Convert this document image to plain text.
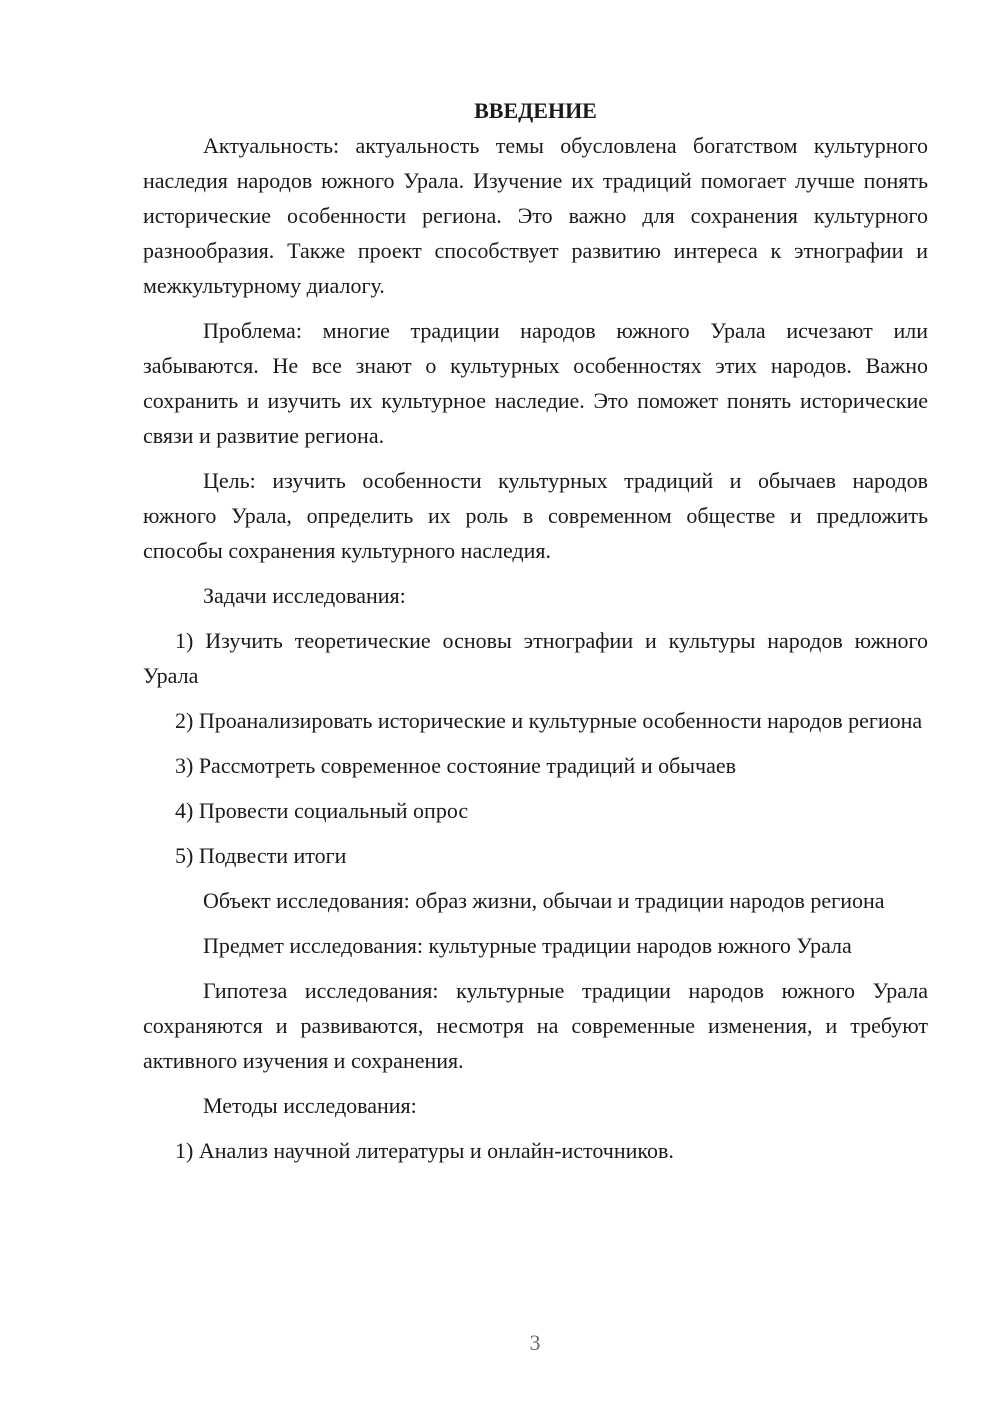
ВВЕДЕНИЕ

Актуальность: актуальность темы обусловлена богатством культурного наследия народов южного Урала. Изучение их традиций помогает лучше понять исторические особенности региона. Это важно для сохранения культурного разнообразия. Также проект способствует развитию интереса к этнографии и межкультурному диалогу.

Проблема: многие традиции народов южного Урала исчезают или забываются. Не все знают о культурных особенностях этих народов. Важно сохранить и изучить их культурное наследие. Это поможет понять исторические связи и развитие региона.

Цель: изучить особенности культурных традиций и обычаев народов южного Урала, определить их роль в современном обществе и предложить способы сохранения культурного наследия.

Задачи исследования:

1) Изучить теоретические основы этнографии и культуры народов южного Урала

2) Проанализировать исторические и культурные особенности народов региона

3) Рассмотреть современное состояние традиций и обычаев

4) Провести социальный опрос

5) Подвести итоги

Объект исследования: образ жизни, обычаи и традиции народов региона

Предмет исследования: культурные традиции народов южного Урала

Гипотеза исследования: культурные традиции народов южного Урала сохраняются и развиваются, несмотря на современные изменения, и требуют активного изучения и сохранения.

Методы исследования:

1) Анализ научной литературы и онлайн-источников.

3
